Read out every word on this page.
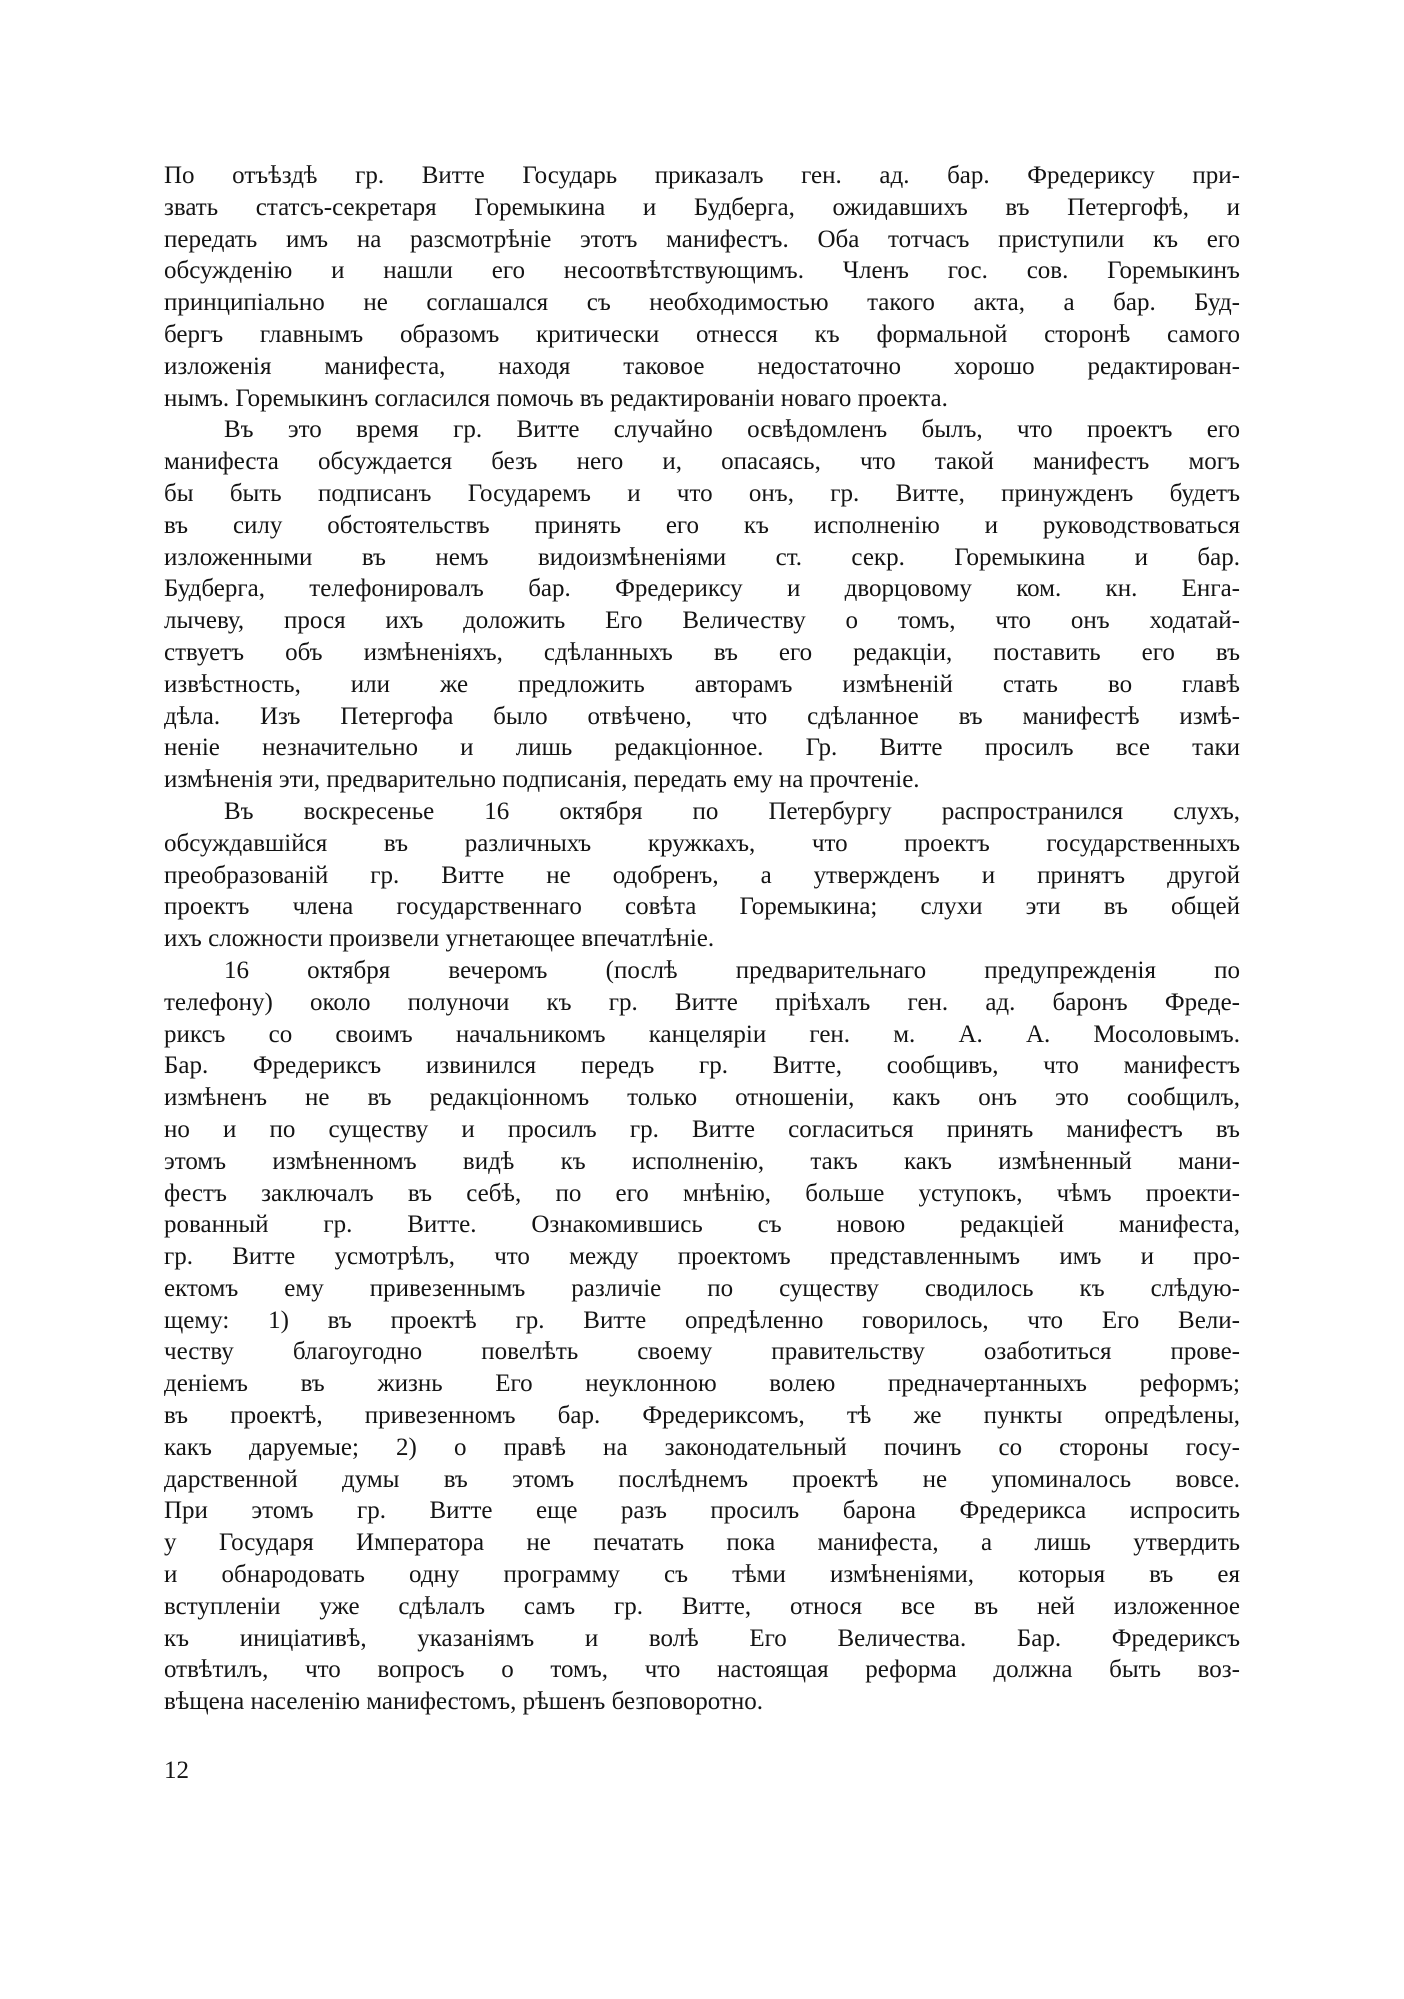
По отъѣздѣ гр. Витте Государь приказалъ ген. ад. бар. Фредериксу при-
звать статсъ-секретаря Горемыкина и Будберга, ожидавшихъ въ Петергофѣ, и
передать имъ на разсмотрѣніе этотъ манифестъ. Оба тотчасъ приступили къ его
обсужденію и нашли его несоотвѣтствующимъ. Членъ гос. сов. Горемыкинъ
принципіально не соглашался съ необходимостью такого акта, а бар. Буд-
бергъ главнымъ образомъ критически отнесся къ формальной сторонѣ самого
изложенія манифеста, находя таковое недостаточно хорошо редактирован-
нымъ. Горемыкинъ согласился помочь въ редактированіи новаго проекта.
Въ это время гр. Витте случайно освѣдомленъ былъ, что проектъ его
манифеста обсуждается безъ него и, опасаясь, что такой манифестъ могъ
бы быть подписанъ Государемъ и что онъ, гр. Витте, принужденъ будетъ
въ силу обстоятельствъ принять его къ исполненію и руководствоваться
изложенными въ немъ видоизмѣненіями ст. секр. Горемыкина и бар.
Будберга, телефонировалъ бар. Фредериксу и дворцовому ком. кн. Енга-
лычеву, прося ихъ доложить Его Величеству о томъ, что онъ ходатай-
ствуетъ объ измѣненіяхъ, сдѣланныхъ въ его редакціи, поставить его въ
извѣстность, или же предложить авторамъ измѣненій стать во главѣ
дѣла. Изъ Петергофа было отвѣчено, что сдѣланное въ манифестѣ измѣ-
неніе незначительно и лишь редакціонное. Гр. Витте просилъ все таки
измѣненія эти, предварительно подписанія, передать ему на прочтеніе.
Въ воскресенье 16 октября по Петербургу распространился слухъ,
обсуждавшійся въ различныхъ кружкахъ, что проектъ государственныхъ
преобразованій гр. Витте не одобренъ, а утвержденъ и принятъ другой
проектъ члена государственнаго совѣта Горемыкина; слухи эти въ общей
ихъ сложности произвели угнетающее впечатлѣніе.
16 октября вечеромъ (послѣ предварительнаго предупрежденія по
телефону) около полуночи къ гр. Витте пріѣхалъ ген. ад. баронъ Фреде-
риксъ со своимъ начальникомъ канцеляріи ген. м. А. А. Мосоловымъ.
Бар. Фредериксъ извинился передъ гр. Витте, сообщивъ, что манифестъ
измѣненъ не въ редакціонномъ только отношеніи, какъ онъ это сообщилъ,
но и по существу и просилъ гр. Витте согласиться принять манифестъ въ
этомъ измѣненномъ видѣ къ исполненію, такъ какъ измѣненный мани-
фестъ заключалъ въ себѣ, по его мнѣнію, больше уступокъ, чѣмъ проекти-
рованный гр. Витте. Ознакомившись съ новою редакціей манифеста,
гр. Витте усмотрѣлъ, что между проектомъ представленнымъ имъ и про-
ектомъ ему привезеннымъ различіе по существу сводилось къ слѣдую-
щему: 1) въ проектѣ гр. Витте опредѣленно говорилось, что Его Вели-
честву благоугодно повелѣть своему правительству озаботиться прове-
деніемъ въ жизнь Его неуклонною волею предначертанныхъ реформъ;
въ проектѣ, привезенномъ бар. Фредериксомъ, тѣ же пункты опредѣлены,
какъ даруемые; 2) о правѣ на законодательный починъ со стороны госу-
дарственной думы въ этомъ послѣднемъ проектѣ не упоминалось вовсе.
При этомъ гр. Витте еще разъ просилъ барона Фредерикса испросить
у Государя Императора не печатать пока манифеста, а лишь утвердить
и обнародовать одну программу съ тѣми измѣненіями, которыя въ ея
вступленіи уже сдѣлалъ самъ гр. Витте, относя все въ ней изложенное
къ иниціативѣ, указаніямъ и волѣ Его Величества. Бар. Фредериксъ
отвѣтилъ, что вопросъ о томъ, что настоящая реформа должна быть воз-
вѣщена населенію манифестомъ, рѣшенъ безповоротно.
12
